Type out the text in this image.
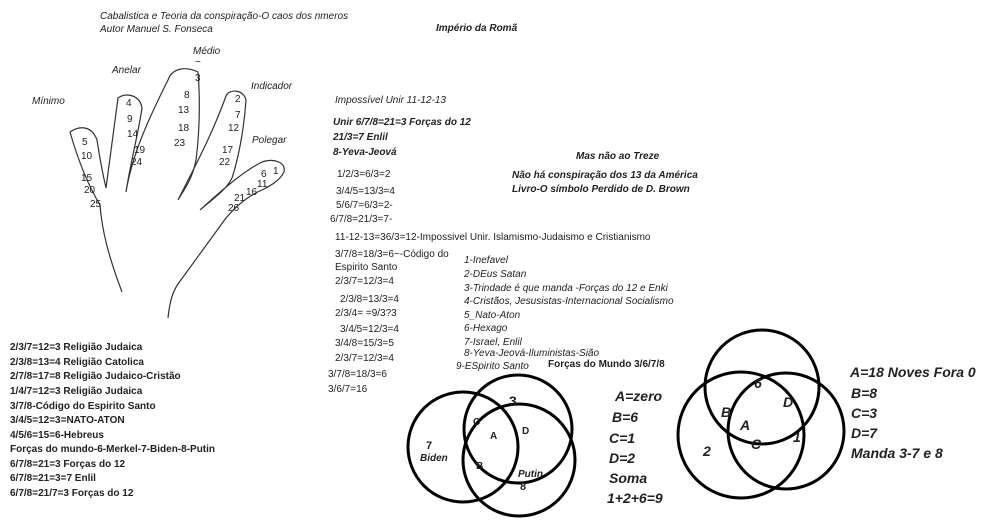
Cabalistica e Teoria da conspiração-O caos dos nmeros
Autor Manuel S. Fonseca	Império da Romã
Mínimo
Anelar
Médio
Indicador
Polegar
5
10
15
20
25
4
9
14
19
24
~
3
8
13
18
23
2
7
12
17
22
1
6
11
16
21
26
Impossível Unir 11-12-13
Unir 6/7/8=21=3 Forças do 12
21/3=7 Enlil
8-Yeva-Jeová
1/2/3=6/3=2
3/4/5=13/3=4
5/6/7=6/3=2-
6/7/8=21/3=7-
11-12-13=36/3=12-Impossivel Unir. Islamismo-Judaismo e Cristianismo
3/7/8=18/3=6~-Código do
Espirito Santo
2/3/7=12/3=4
2/3/8=13/3=4
2/3/4= =9/3?3
3/4/5=12/3=4
3/4/8=15/3=5
2/3/7=12/3=4
3/7/8=18/3=6
3/6/7=16
1-Inefavel
2-DEus Satan
3-Trindade é que manda -Forças do 12 e Enki
4-Cristãos, Jesusistas-Internacional Socialismo
5_Nato-Aton
6-Hexago
7-Israel, Enlil
8-Yeva-Jeová-Iluministas-Sião
9-ESpirito Santo
Mas não ao Treze
Não há conspiração dos 13 da América
Livro-O símbolo Perdido de D. Brown
2/3/7=12=3 Religião Judaica
2/3/8=13=4 Religião Catolica
2/7/8=17=8 Religião Judaico-Cristão
1/4/7=12=3 Religião Judaica
3/7/8-Código do Espirito Santo
3/4/5=12=3=NATO-ATON
4/5/6=15=6-Hebreus
Forças do mundo-6-Merkel-7-Biden-8-Putin
6/7/8=21=3 Forças do 12
6/7/8=21=3=7 Enlil
6/7/8=21/7=3 Forças do 12
Forças do Mundo 3/6/7/8
3
7
Biden
Putin
8
C
A D
B
A=zero
B=6
C=1
D=2
Soma
1+2+6=9
6
2
1
B
D
A
C
A=18 Noves Fora 0
B=8
C=3
D=7
Manda 3-7 e 8
